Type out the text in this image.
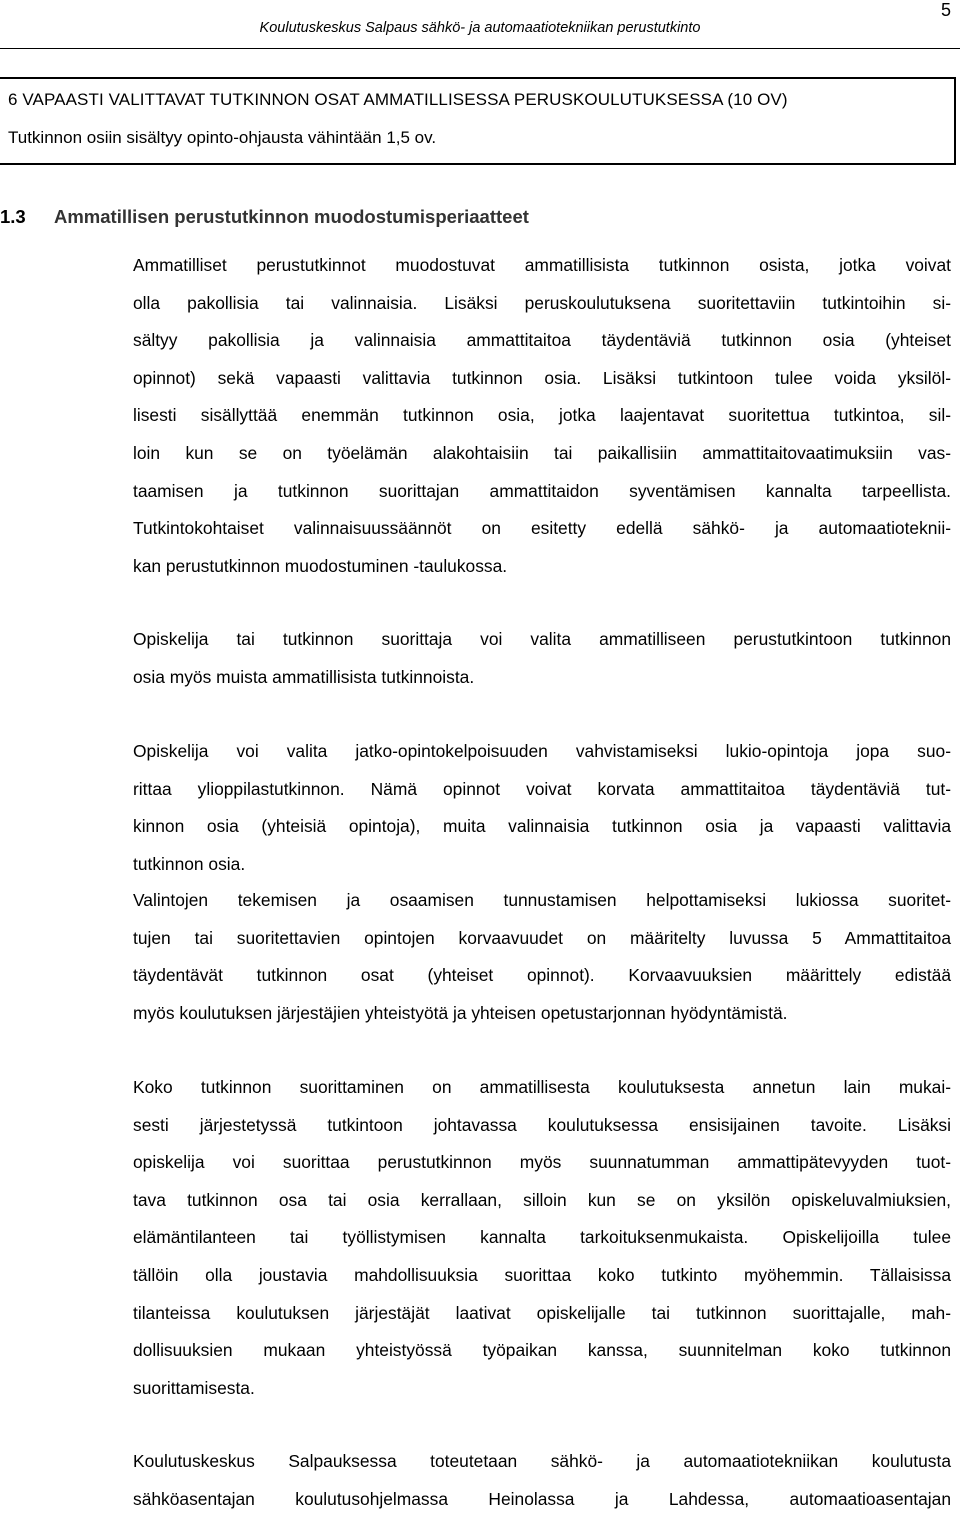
5
Koulutuskeskus Salpaus sähkö- ja automaatiotekniikan perustutkinto
6 VAPAASTI VALITTAVAT TUTKINNON OSAT AMMATILLISESSA PERUSKOULUTUKSESSA (10 OV)
Tutkinnon osiin sisältyy opinto-ohjausta vähintään 1,5 ov.
1.3 Ammatillisen perustutkinnon muodostumisperiaatteet
Ammatilliset perustutkinnot muodostuvat ammatillisista tutkinnon osista, jotka voivat
olla pakollisia tai valinnaisia. Lisäksi peruskoulutuksena suoritettaviin tutkintoihin si-
sältyy pakollisia ja valinnaisia ammattitaitoa täydentäviä tutkinnon osia (yhteiset
opinnot) sekä vapaasti valittavia tutkinnon osia. Lisäksi tutkintoon tulee voida yksilöl-
lisesti sisällyttää enemmän tutkinnon osia, jotka laajentavat suoritettua tutkintoa, sil-
loin kun se on työelämän alakohtaisiin tai paikallisiin ammattitaitovaatimuksiin vas-
taamisen ja tutkinnon suorittajan ammattitaidon syventämisen kannalta tarpeellista.
Tutkintokohtaiset valinnaisuussäännöt on esitetty edellä sähkö- ja automaatioteknii-
kan perustutkinnon muodostuminen -taulukossa.
Opiskelija tai tutkinnon suorittaja voi valita ammatilliseen perustutkintoon tutkinnon
osia myös muista ammatillisista tutkinnoista.
Opiskelija voi valita jatko-opintokelpoisuuden vahvistamiseksi lukio-opintoja jopa suo-
rittaa ylioppilastutkinnon. Nämä opinnot voivat korvata ammattitaitoa täydentäviä tut-
kinnon osia (yhteisiä opintoja), muita valinnaisia tutkinnon osia ja vapaasti valittavia
tutkinnon osia.
Valintojen tekemisen ja osaamisen tunnustamisen helpottamiseksi lukiossa suoritet-
tujen tai suoritettavien opintojen korvaavuudet on määritelty luvussa 5 Ammattitaitoa
täydentävät tutkinnon osat (yhteiset opinnot). Korvaavuuksien määrittely edistää
myös koulutuksen järjestäjien yhteistyötä ja yhteisen opetustarjonnan hyödyntämistä.
Koko tutkinnon suorittaminen on ammatillisesta koulutuksesta annetun lain mukai-
sesti järjestetyssä tutkintoon johtavassa koulutuksessa ensisijainen tavoite. Lisäksi
opiskelija voi suorittaa perustutkinnon myös suunnatumman ammattipätevyyden tuot-
tava tutkinnon osa tai osia kerrallaan, silloin kun se on yksilön opiskeluvalmiuksien,
elämäntilanteen tai työllistymisen kannalta tarkoituksenmukaista. Opiskelijoilla tulee
tällöin olla joustavia mahdollisuuksia suorittaa koko tutkinto myöhemmin. Tällaisissa
tilanteissa koulutuksen järjestäjät laativat opiskelijalle tai tutkinnon suorittajalle, mah-
dollisuuksien mukaan yhteistyössä työpaikan kanssa, suunnitelman koko tutkinnon
suorittamisesta.
Koulutuskeskus Salpauksessa toteutetaan sähkö- ja automaatiotekniikan koulutusta
sähköasentajan koulutusohjelmassa Heinolassa ja Lahdessa, automaatioasentajan
